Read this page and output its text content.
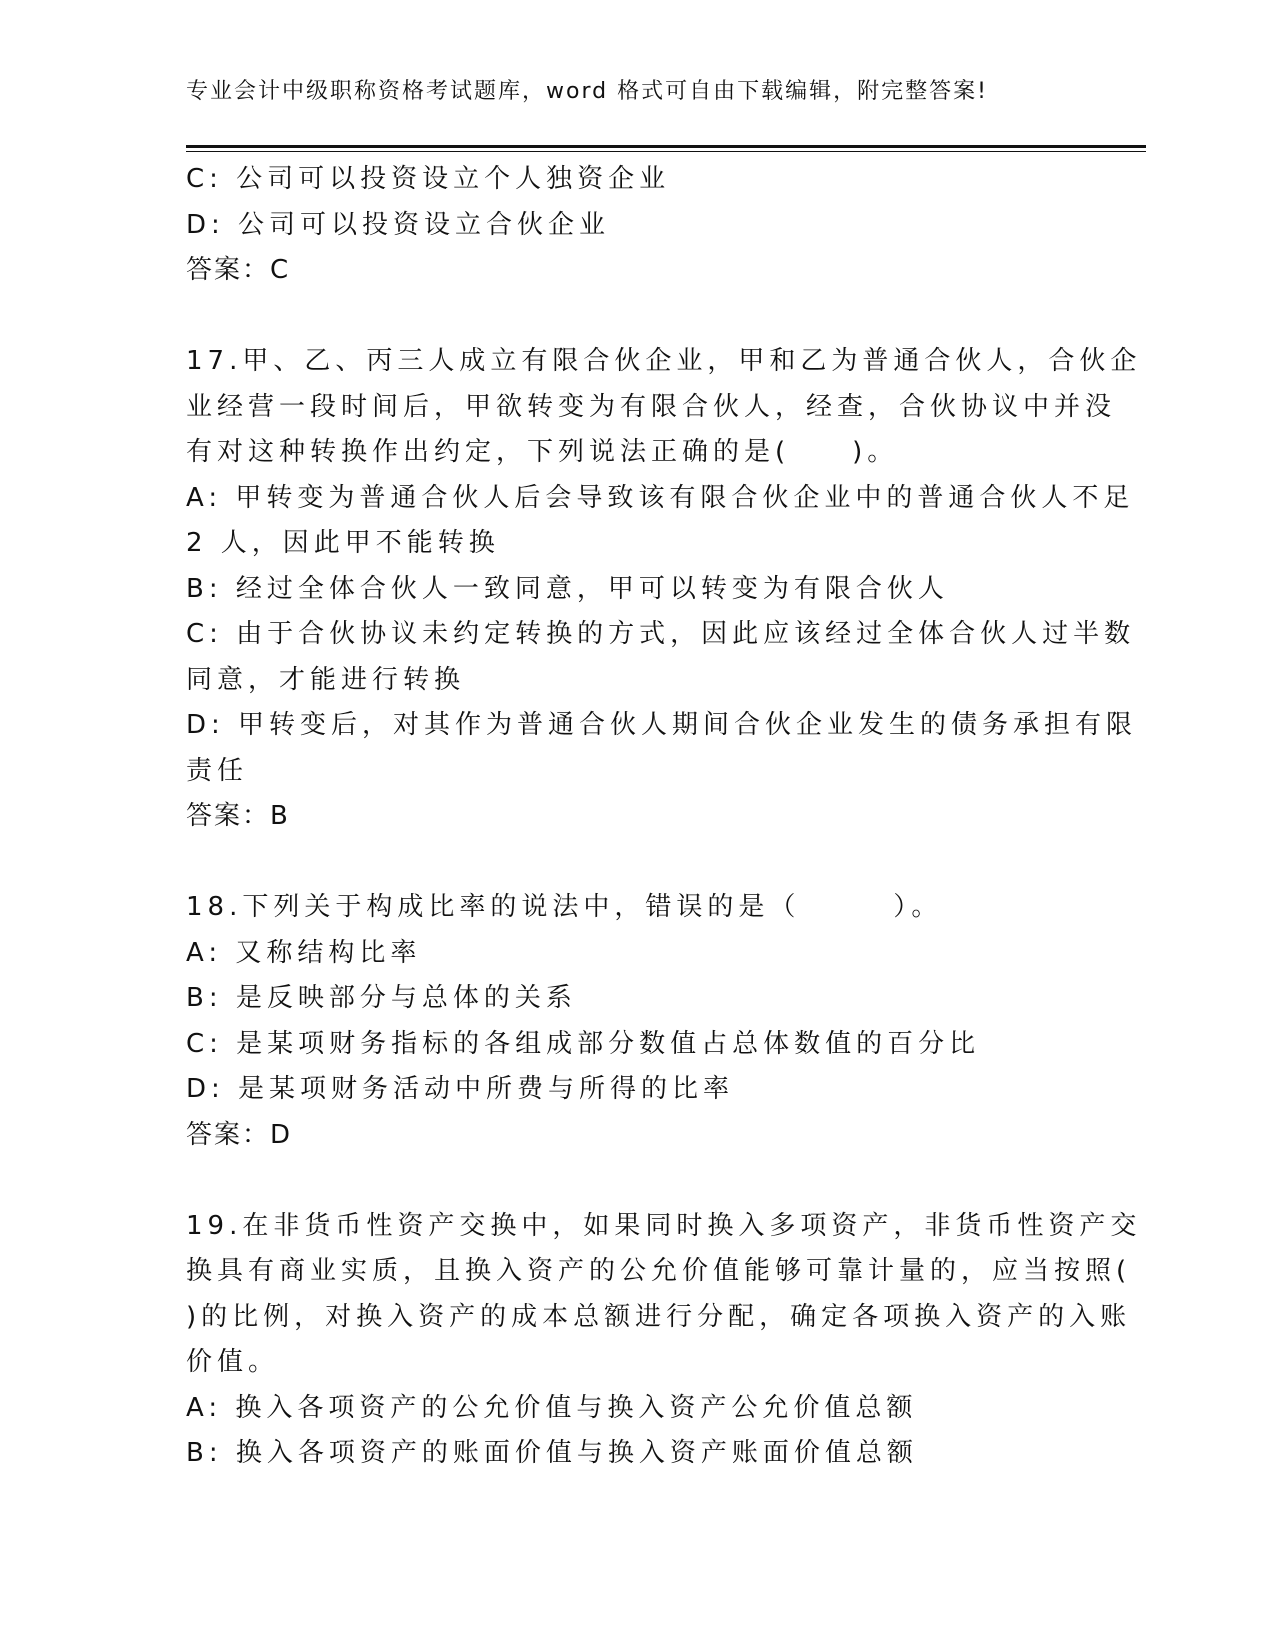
专业会计中级职称资格考试题库，word 格式可自由下载编辑，附完整答案!
C: 公司可以投资设立个人独资企业
D: 公司可以投资设立合伙企业
答案：C
17.甲、乙、丙三人成立有限合伙企业，甲和乙为普通合伙人，合伙企
业经营一段时间后，甲欲转变为有限合伙人，经查，合伙协议中并没
有对这种转换作出约定，下列说法正确的是(　　)。
A: 甲转变为普通合伙人后会导致该有限合伙企业中的普通合伙人不足
2 人，因此甲不能转换
B: 经过全体合伙人一致同意，甲可以转变为有限合伙人
C: 由于合伙协议未约定转换的方式，因此应该经过全体合伙人过半数
同意，才能进行转换
D: 甲转变后，对其作为普通合伙人期间合伙企业发生的债务承担有限
责任
答案：B
18.下列关于构成比率的说法中，错误的是（　　　）。
A: 又称结构比率
B: 是反映部分与总体的关系
C: 是某项财务指标的各组成部分数值占总体数值的百分比
D: 是某项财务活动中所费与所得的比率
答案：D
19.在非货币性资产交换中，如果同时换入多项资产，非货币性资产交
换具有商业实质，且换入资产的公允价值能够可靠计量的，应当按照(
)的比例，对换入资产的成本总额进行分配，确定各项换入资产的入账
价值。
A: 换入各项资产的公允价值与换入资产公允价值总额
B: 换入各项资产的账面价值与换入资产账面价值总额
